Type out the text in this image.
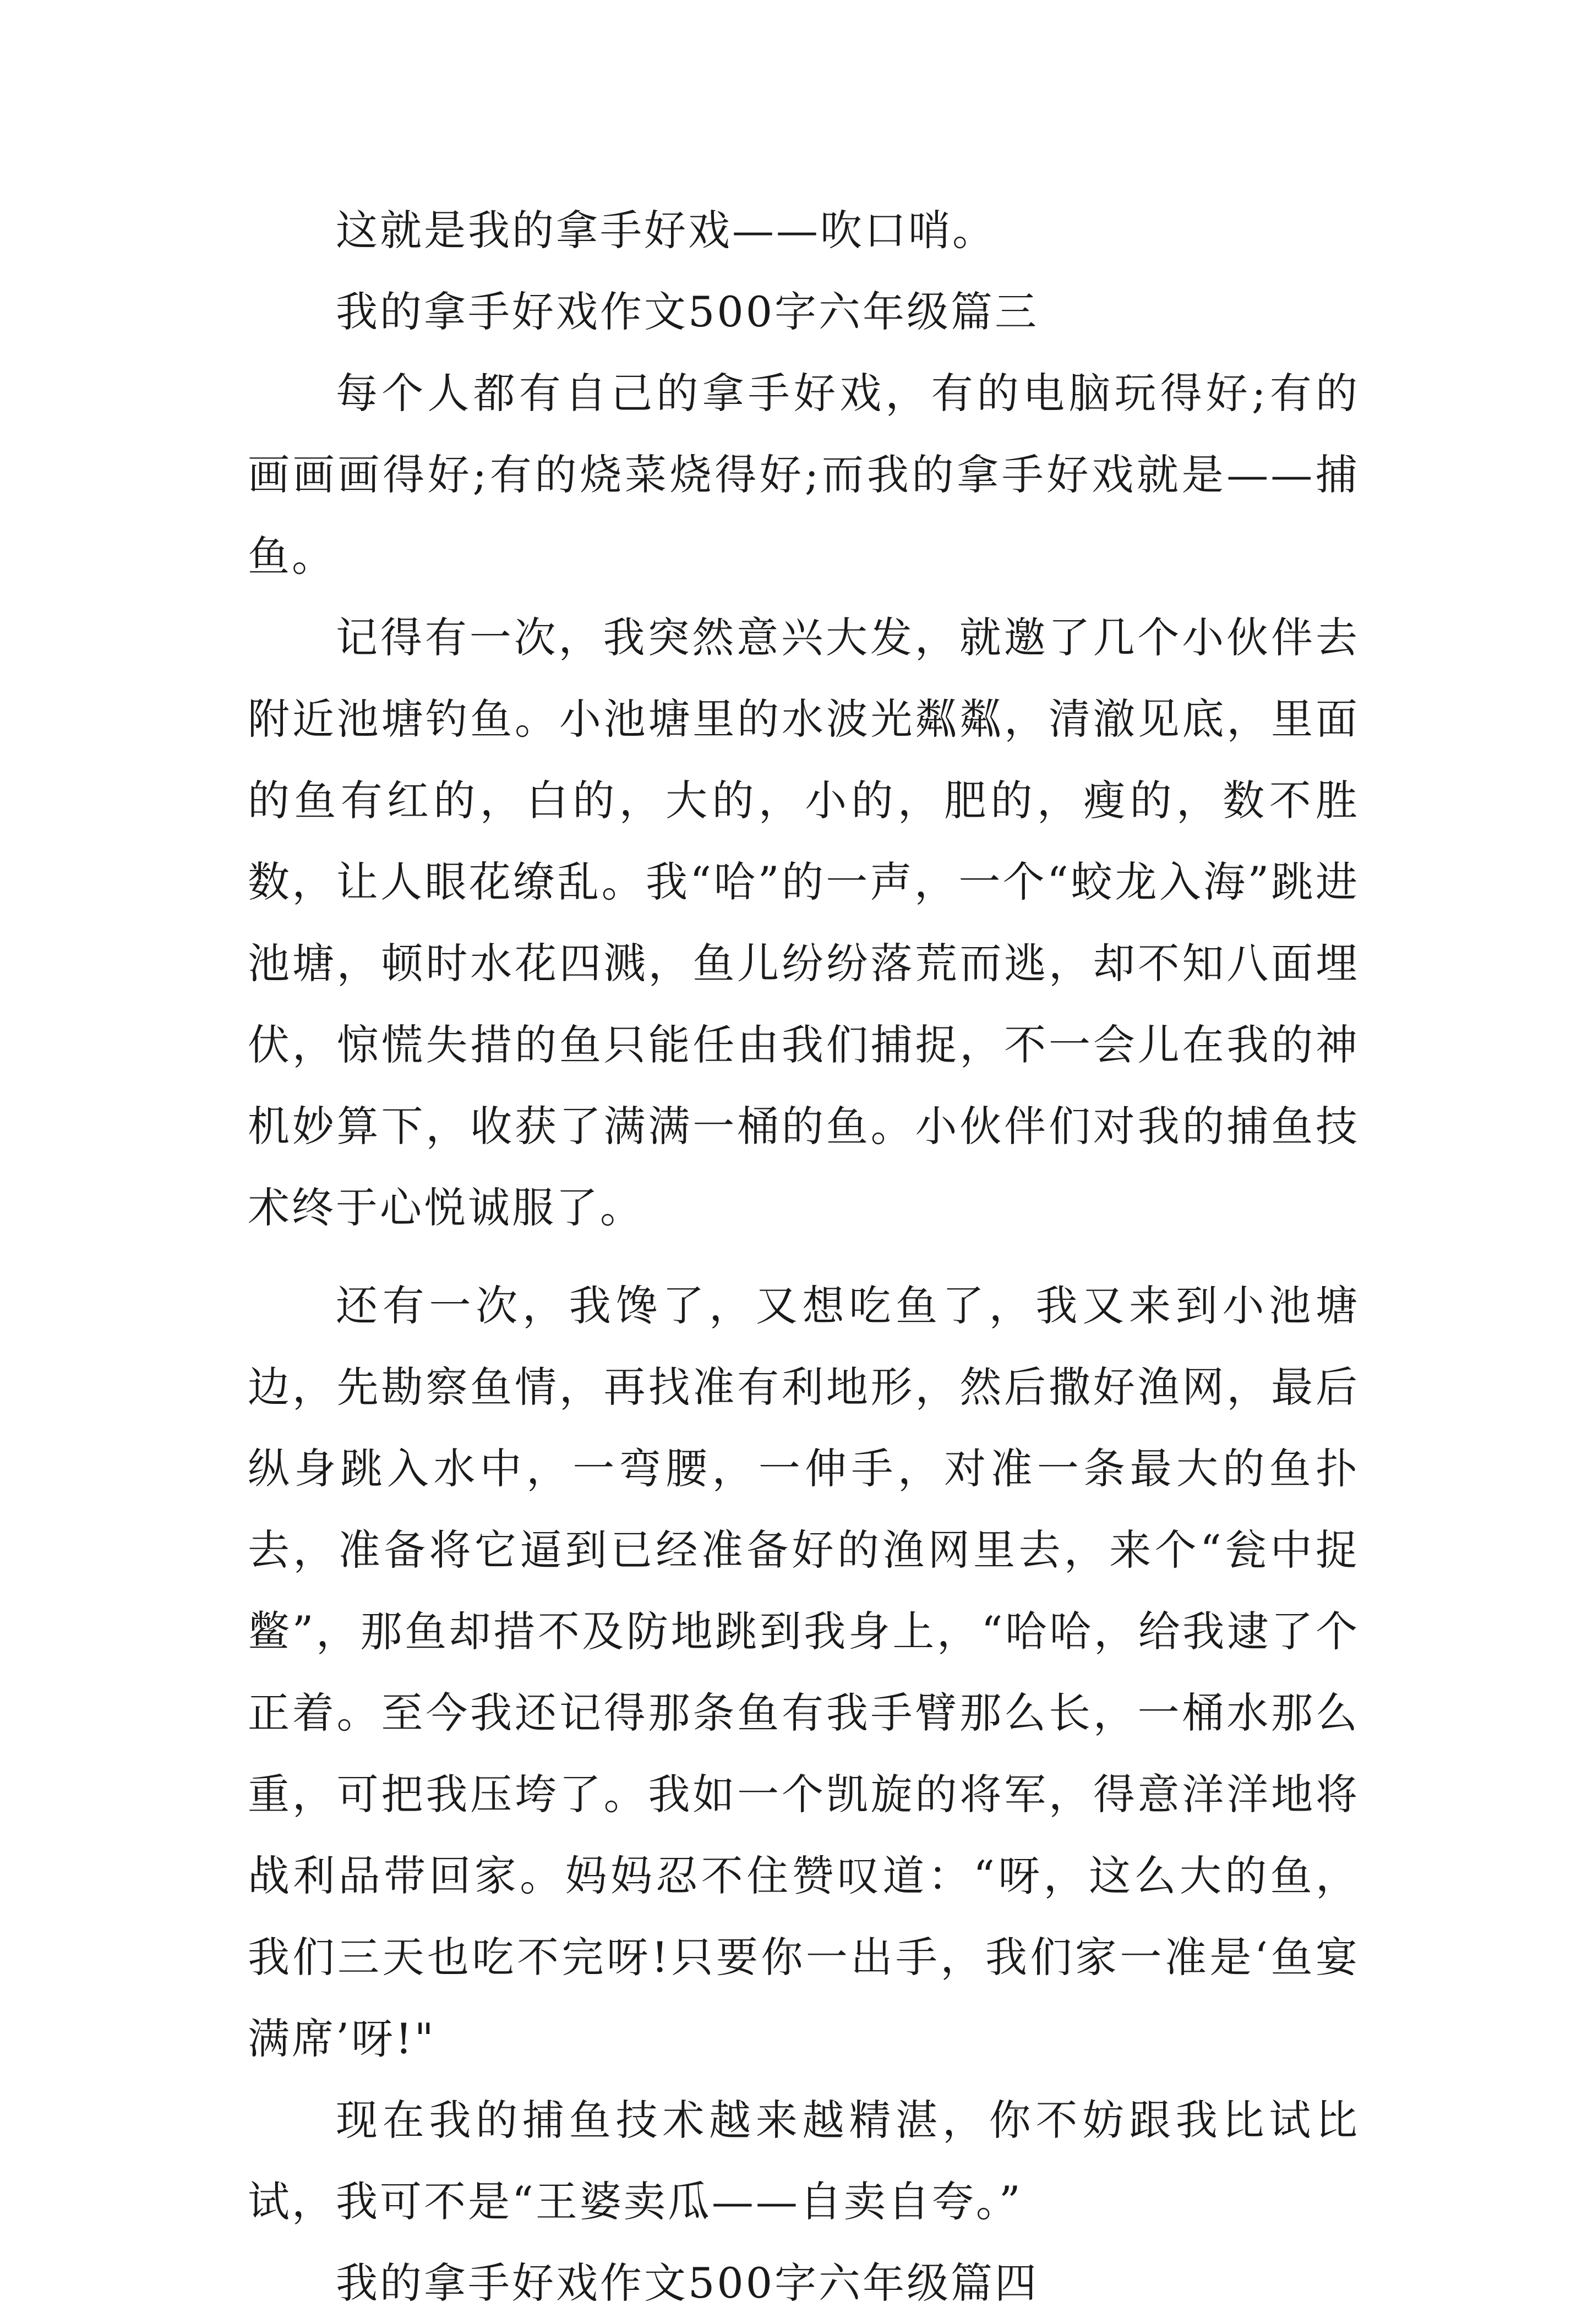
这就是我的拿手好戏——吹口哨。

我的拿手好戏作文500字六年级篇三

每个人都有自己的拿手好戏，有的电脑玩得好;有的画画画得好;有的烧菜烧得好;而我的拿手好戏就是——捕鱼。

记得有一次，我突然意兴大发，就邀了几个小伙伴去附近池塘钓鱼。小池塘里的水波光粼粼，清澈见底，里面的鱼有红的，白的，大的，小的，肥的，瘦的，数不胜数，让人眼花缭乱。我“哈”的一声，一个“蛟龙入海”跳进池塘，顿时水花四溅，鱼儿纷纷落荒而逃，却不知八面埋伏，惊慌失措的鱼只能任由我们捕捉，不一会儿在我的神机妙算下，收获了满满一桶的鱼。小伙伴们对我的捕鱼技术终于心悦诚服了。

还有一次，我馋了，又想吃鱼了，我又来到小池塘边，先勘察鱼情，再找准有利地形，然后撒好渔网，最后纵身跳入水中，一弯腰，一伸手，对准一条最大的鱼扑去，准备将它逼到已经准备好的渔网里去，来个“瓮中捉鳖”，那鱼却措不及防地跳到我身上，“哈哈，给我逮了个正着。至今我还记得那条鱼有我手臂那么长，一桶水那么重，可把我压垮了。我如一个凯旋的将军，得意洋洋地将战利品带回家。妈妈忍不住赞叹道：“呀，这么大的鱼，我们三天也吃不完呀!只要你一出手，我们家一准是‘鱼宴满席’呀!"

现在我的捕鱼技术越来越精湛，你不妨跟我比试比试，我可不是“王婆卖瓜——自卖自夸。”

我的拿手好戏作文500字六年级篇四
